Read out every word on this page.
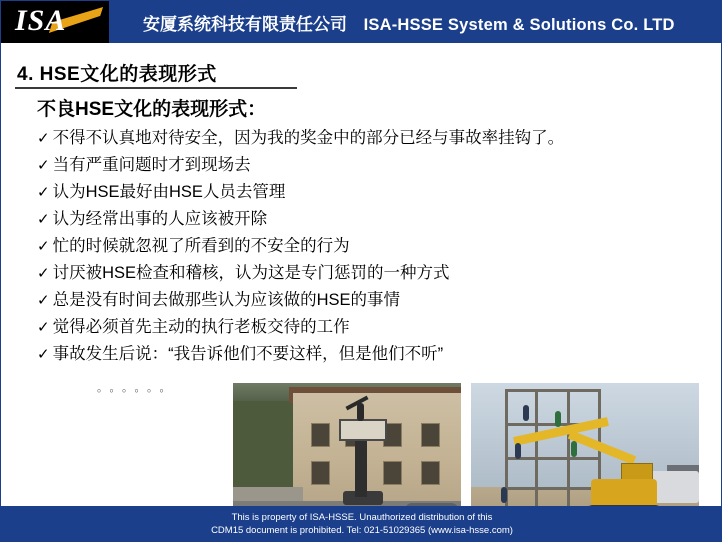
ISA	安厦系统科技有限责任公司 ISA-HSSE System & Solutions Co. LTD
4. HSE文化的表现形式
不良HSE文化的表现形式：
✓ 不得不认真地对待安全，因为我的奖金中的部分已经与事故率挂钩了。
✓ 当有严重问题时才到现场去
✓ 认为HSE最好由HSE人员去管理
✓ 认为经常出事的人应该被开除
✓ 忙的时候就忽视了所看到的不安全的行为
✓ 讨厌被HSE检查和稽核，认为这是专门惩罚的一种方式
✓ 总是没有时间去做那些认为应该做的HSE的事情
✓ 觉得必须首先主动的执行老板交待的工作
✓ 事故发生后说：“我告诉他们不要这样，但是他们不听”
。。。。。。
This is property of ISA-HSSE. Unauthorized distribution of this
CDM15 document is prohibited. Tel: 021-51029365 (www.isa-hsse.com)
